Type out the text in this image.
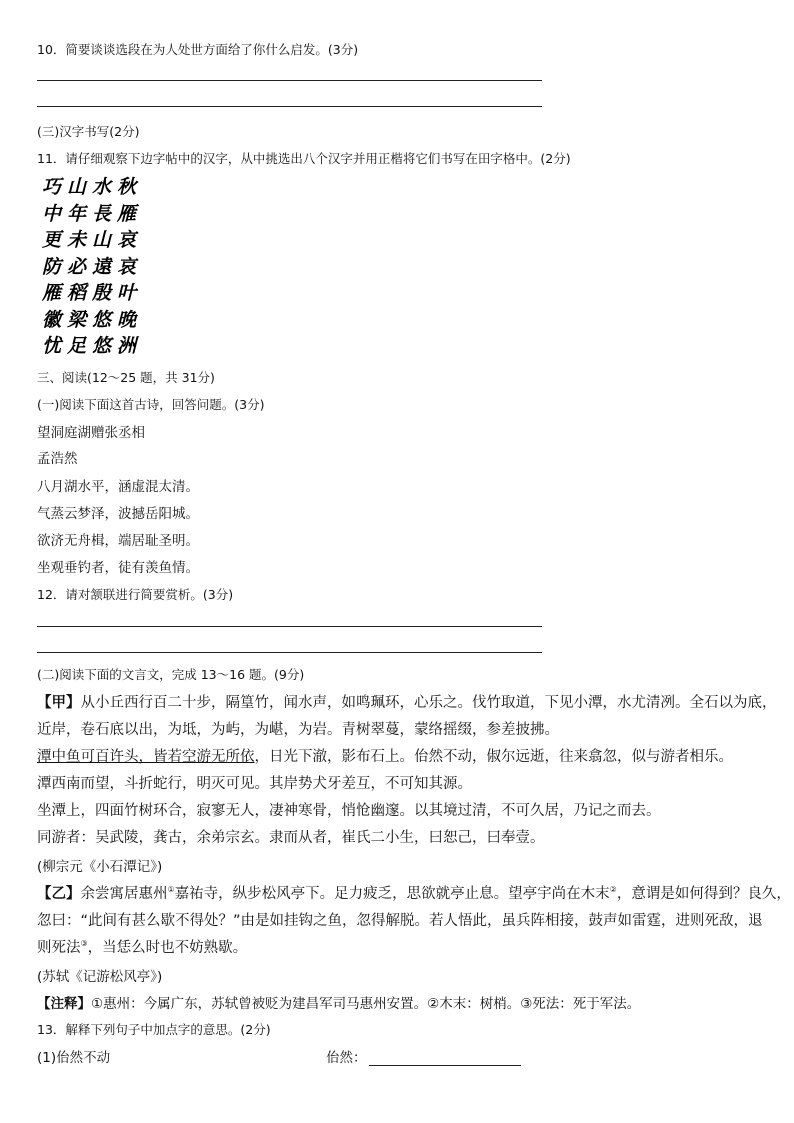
10．简要谈谈选段在为人处世方面给了你什么启发。(3分)
(三)汉字书写(2分)
11．请仔细观察下边字帖中的汉字，从中挑选出八个汉字并用正楷将它们书写在田字格中。(2分)
巧山水秋
中年長雁
更未山哀
防必遠哀
雁稻殷叶
徽梁悠晚
忧足悠洲
三、阅读(12～25 题，共 31分)
(一)阅读下面这首古诗，回答问题。(3分)
望洞庭湖赠张丞相
孟浩然
八月湖水平，涵虚混太清。
气蒸云梦泽，波撼岳阳城。
欲济无舟楫，端居耻圣明。
坐观垂钓者，徒有羡鱼情。
12．请对颔联进行简要赏析。(3分)
(二)阅读下面的文言文，完成 13～16 题。(9分)
【甲】从小丘西行百二十步，隔篁竹，闻水声，如鸣珮环，心乐之。伐竹取道，下见小潭，水尤清冽。全石以为底，
近岸，卷石底以出，为坻，为屿，为嵁，为岩。青树翠蔓，蒙络摇缀，参差披拂。
潭中鱼可百许头，皆若空游无所依，日光下澈，影布石上。佁然不动，俶尔远逝，往来翕忽，似与游者相乐。
潭西南而望，斗折蛇行，明灭可见。其岸势犬牙差互，不可知其源。
坐潭上，四面竹树环合，寂寥无人，凄神寒骨，悄怆幽邃。以其境过清，不可久居，乃记之而去。
同游者：吴武陵，龚古，余弟宗玄。隶而从者，崔氏二小生，曰恕己，曰奉壹。
(柳宗元《小石潭记》)
【乙】余尝寓居惠州①嘉祐寺，纵步松风亭下。足力疲乏，思欲就亭止息。望亭宇尚在木末②，意谓是如何得到？良久，
忽曰：“此间有甚么歇不得处？”由是如挂钩之鱼，忽得解脱。若人悟此，虽兵阵相接，鼓声如雷霆，进则死敌，退
则死法③，当恁么时也不妨熟歇。
(苏轼《记游松风亭》)
【注释】①惠州：今属广东，苏轼曾被贬为建昌军司马惠州安置。②木末：树梢。③死法：死于军法。
13．解释下列句子中加点字的意思。(2分)
(1)佁然不动	佁然：
